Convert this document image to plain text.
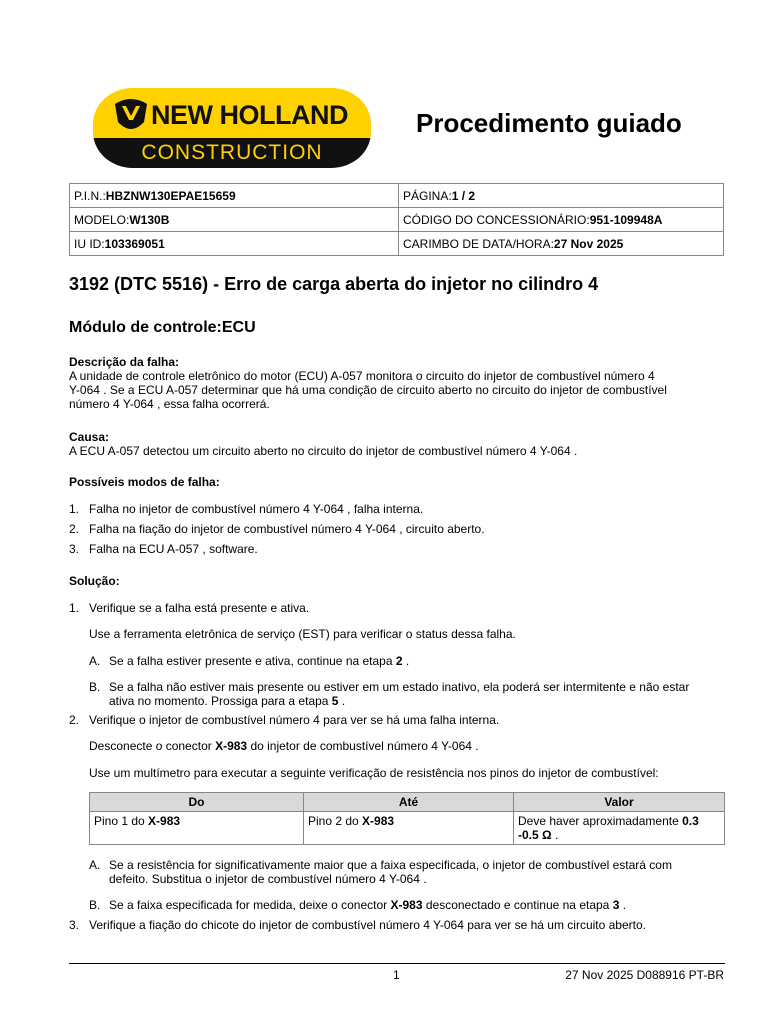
NEW HOLLAND
CONSTRUCTION
Procedimento guiado
P.I.N.:HBZNW130EPAE15659	PÁGINA:1 / 2
MODELO:W130B	CÓDIGO DO CONCESSIONÁRIO:951-109948A
IU ID:103369051	CARIMBO DE DATA/HORA:27 Nov 2025
3192 (DTC 5516) - Erro de carga aberta do injetor no cilindro 4
Módulo de controle:ECU
Descrição da falha:
A unidade de controle eletrônico do motor (ECU) A-057 monitora o circuito do injetor de combustível número 4
Y-064 . Se a ECU A-057 determinar que há uma condição de circuito aberto no circuito do injetor de combustível
número 4 Y-064 , essa falha ocorrerá.
Causa:
A ECU A-057 detectou um circuito aberto no circuito do injetor de combustível número 4 Y-064 .
Possíveis modos de falha:
1. Falha no injetor de combustível número 4 Y-064 , falha interna.
2. Falha na fiação do injetor de combustível número 4 Y-064 , circuito aberto.
3. Falha na ECU A-057 , software.
Solução:
1. Verifique se a falha está presente e ativa.
Use a ferramenta eletrônica de serviço (EST) para verificar o status dessa falha.
A. Se a falha estiver presente e ativa, continue na etapa 2 .
B. Se a falha não estiver mais presente ou estiver em um estado inativo, ela poderá ser intermitente e não estar
ativa no momento. Prossiga para a etapa 5 .
2. Verifique o injetor de combustível número 4 para ver se há uma falha interna.
Desconecte o conector X-983 do injetor de combustível número 4 Y-064 .
Use um multímetro para executar a seguinte verificação de resistência nos pinos do injetor de combustível:
Do	Até	Valor
Pino 1 do X-983	Pino 2 do X-983	Deve haver aproximadamente 0.3
-0.5 Ω .
A. Se a resistência for significativamente maior que a faixa especificada, o injetor de combustível estará com
defeito. Substitua o injetor de combustível número 4 Y-064 .
B. Se a faixa especificada for medida, deixe o conector X-983 desconectado e continue na etapa 3 .
3. Verifique a fiação do chicote do injetor de combustível número 4 Y-064 para ver se há um circuito aberto.
1	27 Nov 2025 D088916 PT-BR
